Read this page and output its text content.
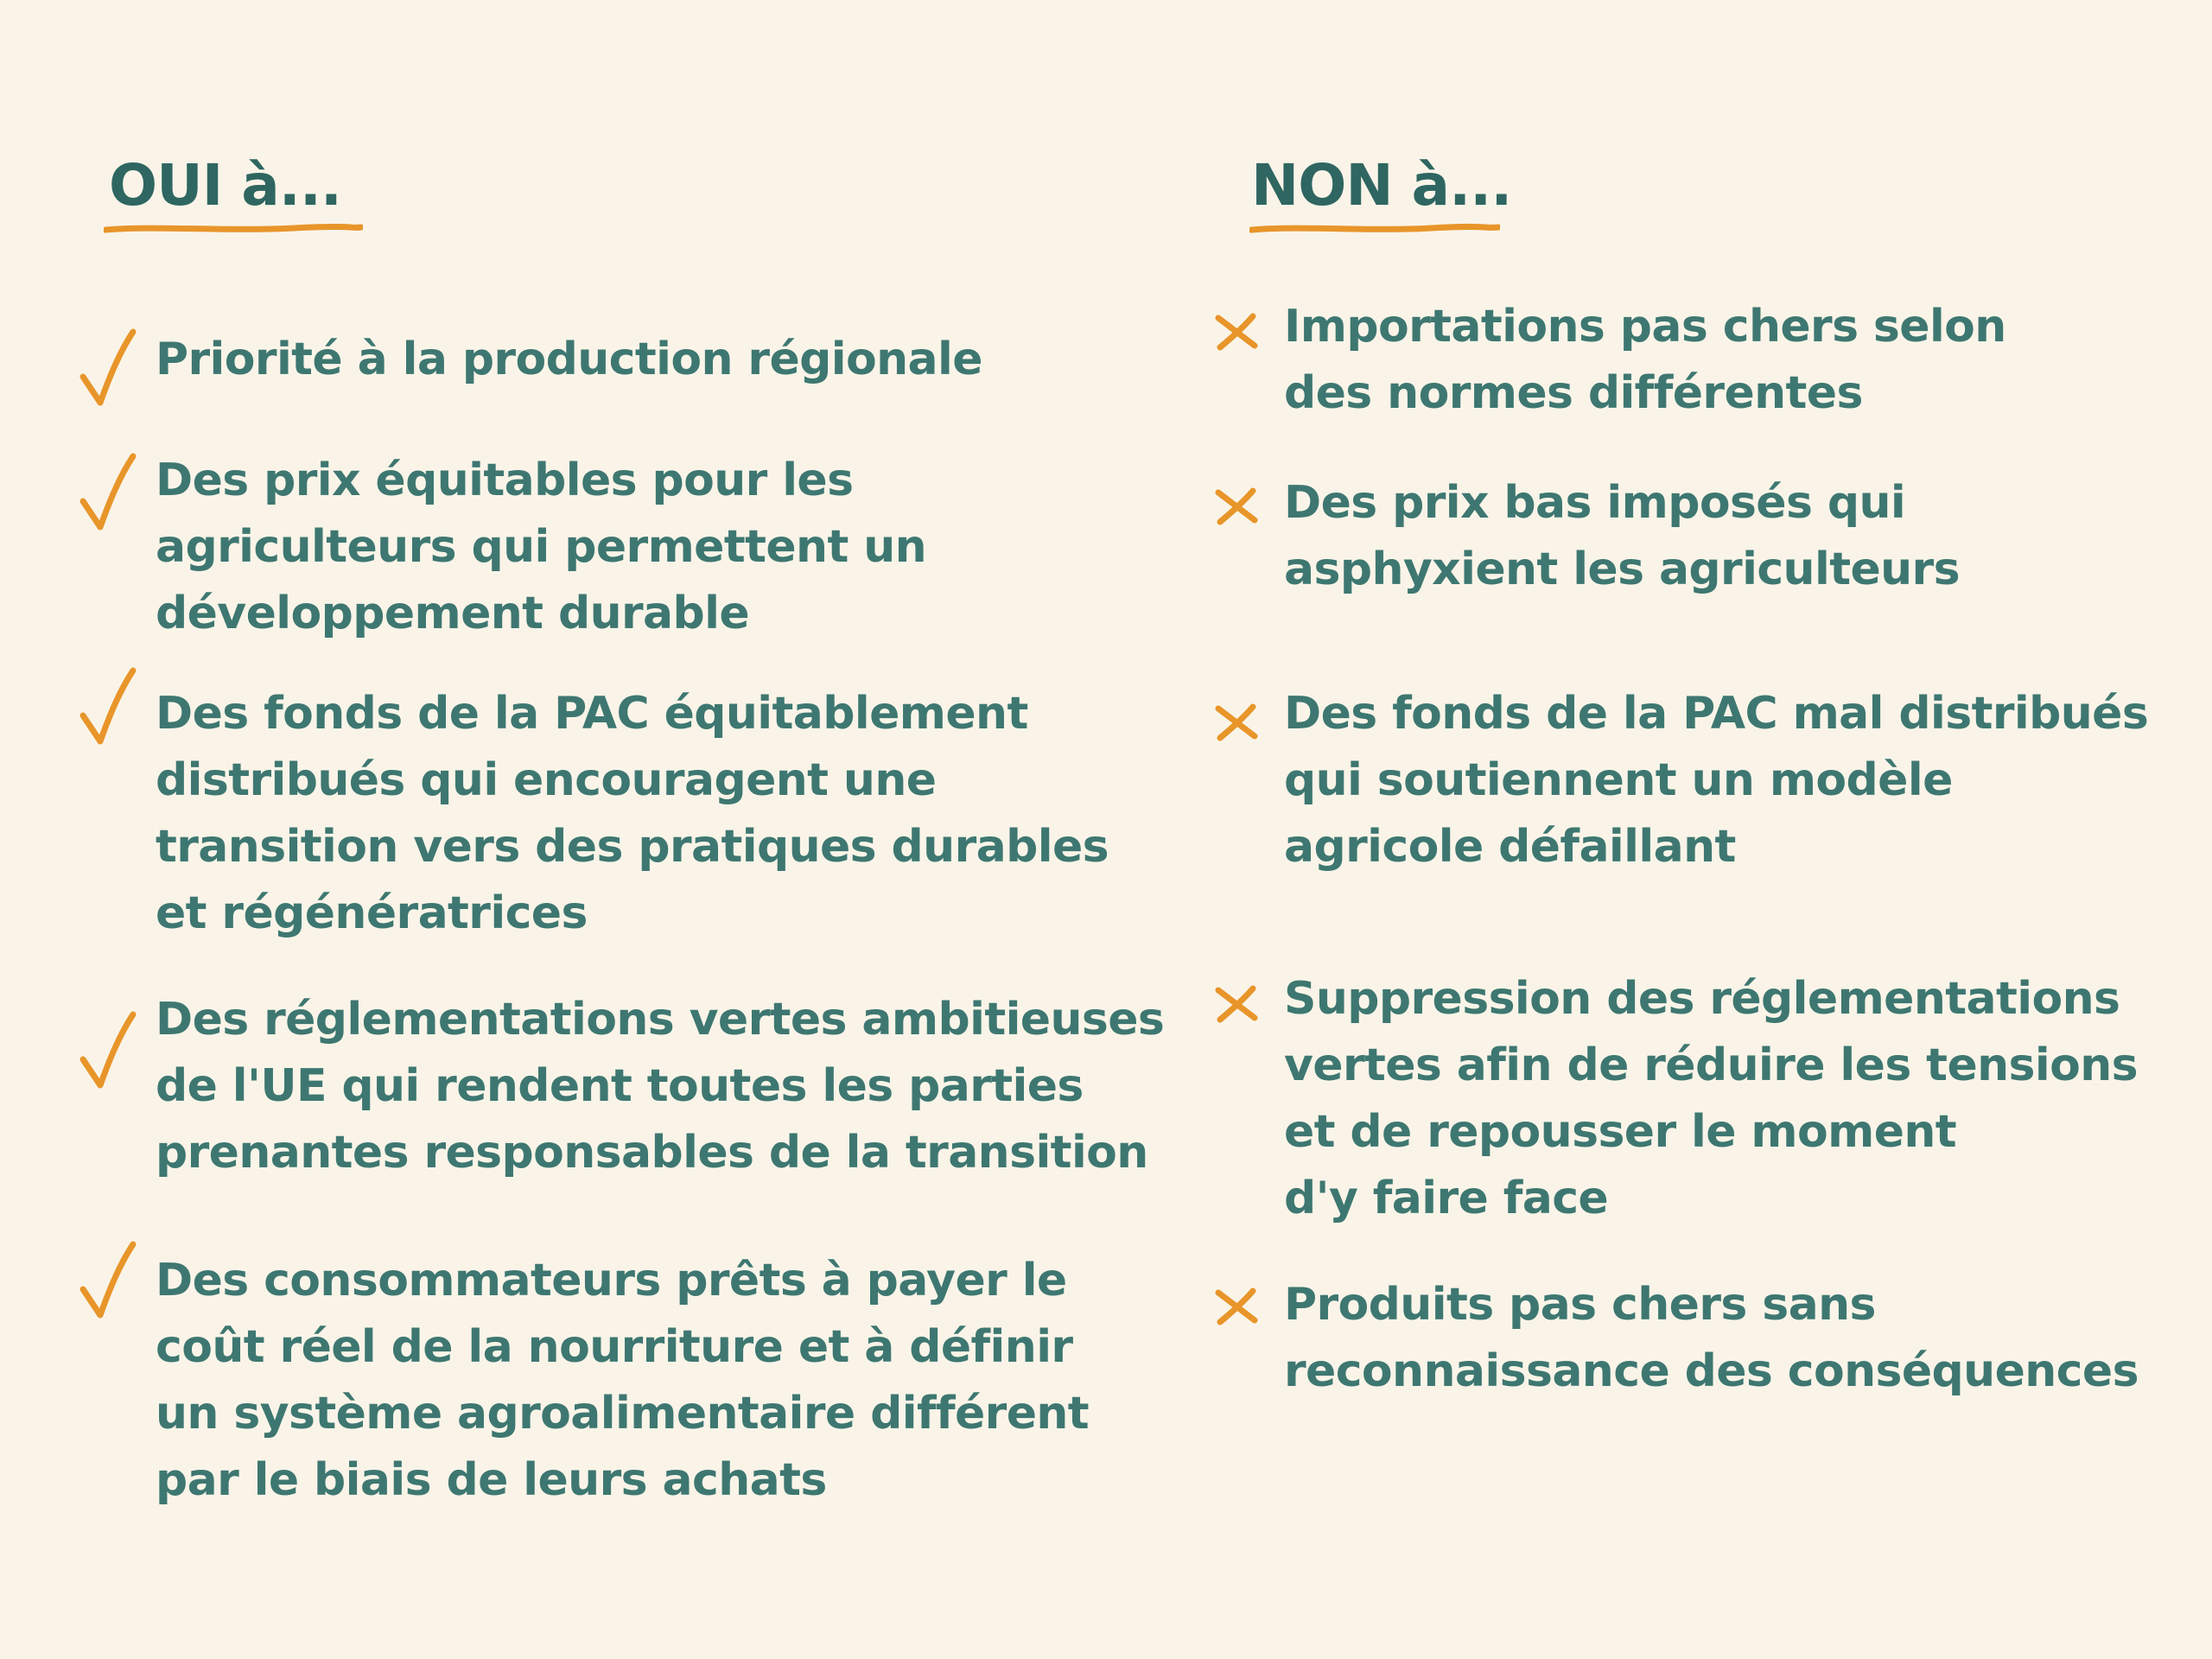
OUI à...
Priorité à la production régionale
Des prix équitables pour les
agriculteurs qui permettent un
développement durable
Des fonds de la PAC équitablement
distribués qui encouragent une
transition vers des pratiques durables
et régénératrices
Des réglementations vertes ambitieuses
de l'UE qui rendent toutes les parties
prenantes responsables de la transition
Des consommateurs prêts à payer le
coût réel de la nourriture et à définir
un système agroalimentaire différent
par le biais de leurs achats
NON à...
Importations pas chers selon
des normes différentes
Des prix bas imposés qui
asphyxient les agriculteurs
Des fonds de la PAC mal distribués
qui soutiennent un modèle
agricole défaillant
Suppression des réglementations
vertes afin de réduire les tensions
et de repousser le moment
d'y faire face
Produits pas chers sans
reconnaissance des conséquences
